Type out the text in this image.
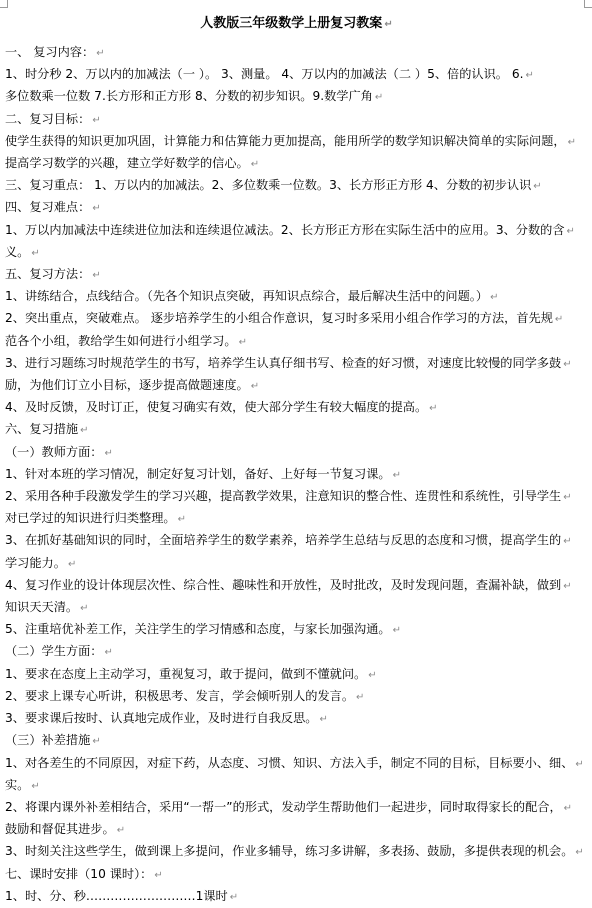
人教版三年级数学上册复习教案 ↵
一、 复习内容： ↵
1、时分秒 2、万以内的加减法（一 ）。 3、测量。 4、万以内的加减法（二 ）5、倍的认识。 6. ↵
多位数乘一位数 7.长方形和正方形 8、分数的初步知识。9.数学广角 ↵
二、复习目标： ↵
使学生获得的知识更加巩固，计算能力和估算能力更加提高，能用所学的数学知识解决简单的实际问题， ↵
提高学习数学的兴趣，建立学好数学的信心。 ↵
三、复习重点： 1、万以内的加减法。2、多位数乘一位数。3、长方形正方形 4、分数的初步认识 ↵
四、复习难点： ↵
1、万以内加减法中连续进位加法和连续退位减法。2、长方形正方形在实际生活中的应用。3、分数的含 ↵
义。 ↵
五、复习方法： ↵
1、讲练结合，点线结合。（先各个知识点突破，再知识点综合，最后解决生活中的问题。） ↵
2、突出重点，突破难点。 逐步培养学生的小组合作意识，复习时多采用小组合作学习的方法，首先规 ↵
范各个小组，教给学生如何进行小组学习。 ↵
3、进行习题练习时规范学生的书写，培养学生认真仔细书写、检查的好习惯，对速度比较慢的同学多鼓 ↵
励，为他们订立小目标，逐步提高做题速度。 ↵
4、及时反馈，及时订正，使复习确实有效，使大部分学生有较大幅度的提高。 ↵
六、复习措施 ↵
（一）教师方面： ↵
1、针对本班的学习情况，制定好复习计划，备好、上好每一节复习课。 ↵
2、采用各种手段激发学生的学习兴趣，提高教学效果，注意知识的整合性、连贯性和系统性，引导学生 ↵
对已学过的知识进行归类整理。 ↵
3、在抓好基础知识的同时，全面培养学生的数学素养，培养学生总结与反思的态度和习惯，提高学生的 ↵
学习能力。 ↵
4、复习作业的设计体现层次性、综合性、趣味性和开放性，及时批改，及时发现问题，查漏补缺，做到 ↵
知识天天清。 ↵
5、注重培优补差工作，关注学生的学习情感和态度，与家长加强沟通。 ↵
（二）学生方面： ↵
1、要求在态度上主动学习，重视复习，敢于提问，做到不懂就问。 ↵
2、要求上课专心听讲，积极思考、发言，学会倾听别人的发言。 ↵
3、要求课后按时、认真地完成作业，及时进行自我反思。 ↵
（三）补差措施 ↵
1、对各差生的不同原因，对症下药，从态度、习惯、知识、方法入手，制定不同的目标，目标要小、细、 ↵
实。 ↵
2、将课内课外补差相结合，采用“一帮一”的形式，发动学生帮助他们一起进步，同时取得家长的配合， ↵
鼓励和督促其进步。 ↵
3、时刻关注这些学生，做到课上多提问，作业多辅导，练习多讲解，多表扬、鼓励，多提供表现的机会。 ↵
七、课时安排（10 课时）： ↵
1、时、分、秒………………………1课时 ↵
